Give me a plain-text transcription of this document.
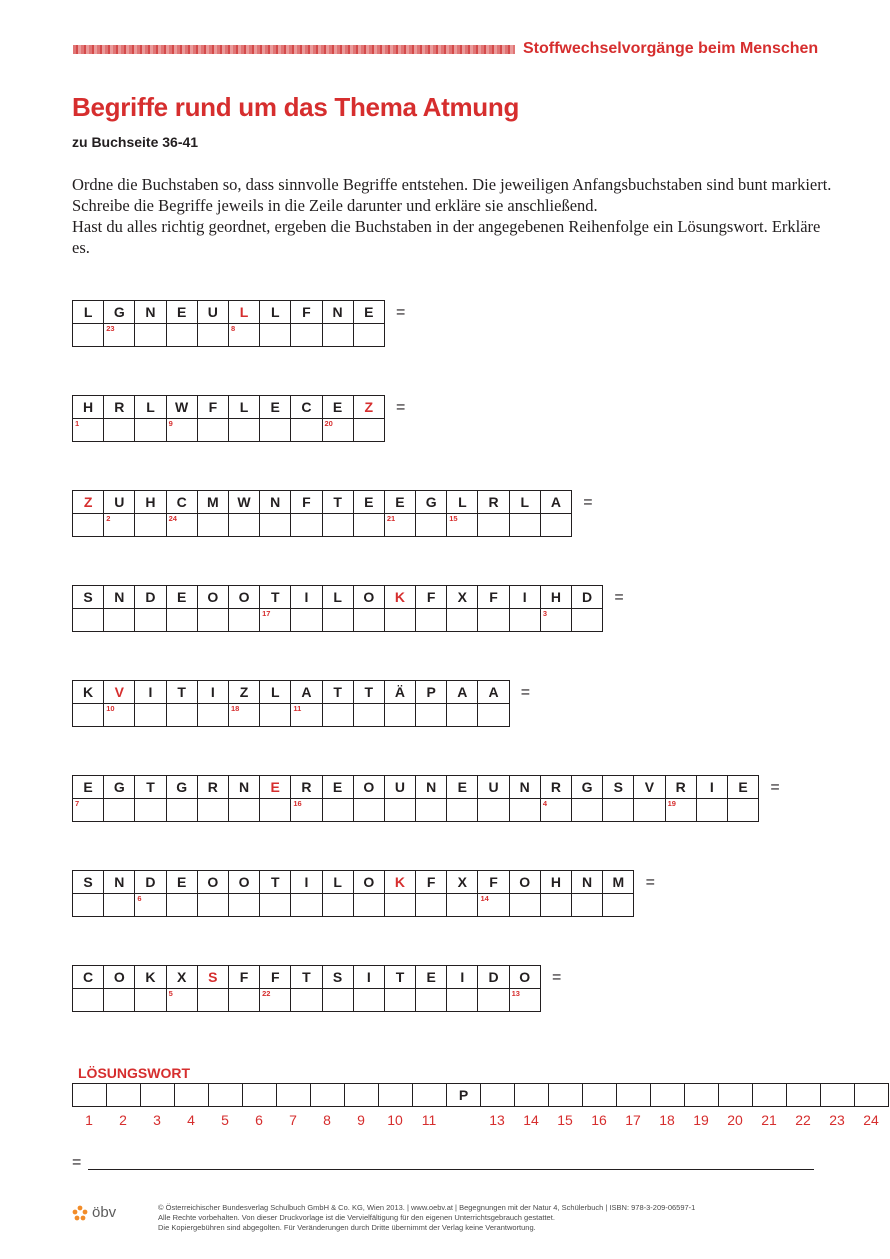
Stoffwechselvorgänge beim Menschen
Begriffe rund um das Thema Atmung
zu Buchseite 36-41

Ordne die Buchstaben so, dass sinnvolle Begriffe entstehen. Die jeweiligen Anfangsbuchstaben sind bunt markiert. Schreibe die Begriffe jeweils in die Zeile darunter und erkläre sie anschließend.

Hast du alles richtig geordnet, ergeben die Buchstaben in der angegebenen Reihenfolge ein Lösungswort. Erkläre es.

L	G	N	E	U	L	L	F	N	E

	23				8				

=
H	R	L	W	F	L	E	C	E	Z

1			9					20	

=
Z	U	H	C	M	W	N	F	T	E	E	G	L	R	L	A

	2		24							21		15			

=
S	N	D	E	O	O	T	I	L	O	K	F	X	F	I	H	D

						17									3	

=
K	V	I	T	I	Z	L	A	T	T	Ä	P	A	A

	10				18		11						

=
E	G	T	G	R	N	E	R	E	O	U	N	E	U	N	R	G	S	V	R	I	E

7							16								4				19		

=
S	N	D	E	O	O	T	I	L	O	K	F	X	F	O	H	N	M

		6											14				

=
C	O	K	X	S	F	F	T	S	I	T	E	I	D	O

			5			22								13
=
LÖSUNGSWORT
											P												
1	2	3	4	5	6	7	8	9	10	11	13	14	15	16	17	18	19	20	21	22	23	24
=
öbv	© Österreichischer Bundesverlag Schulbuch GmbH & Co. KG, Wien 2013. | www.oebv.at | Begegnungen mit der Natur 4, Schülerbuch | ISBN: 978-3-209-06597-1
Alle Rechte vorbehalten. Von dieser Druckvorlage ist die Vervielfältigung für den eigenen Unterrichtsgebrauch gestattet.
Die Kopiergebühren sind abgegolten. Für Veränderungen durch Dritte übernimmt der Verlag keine Verantwortung.
